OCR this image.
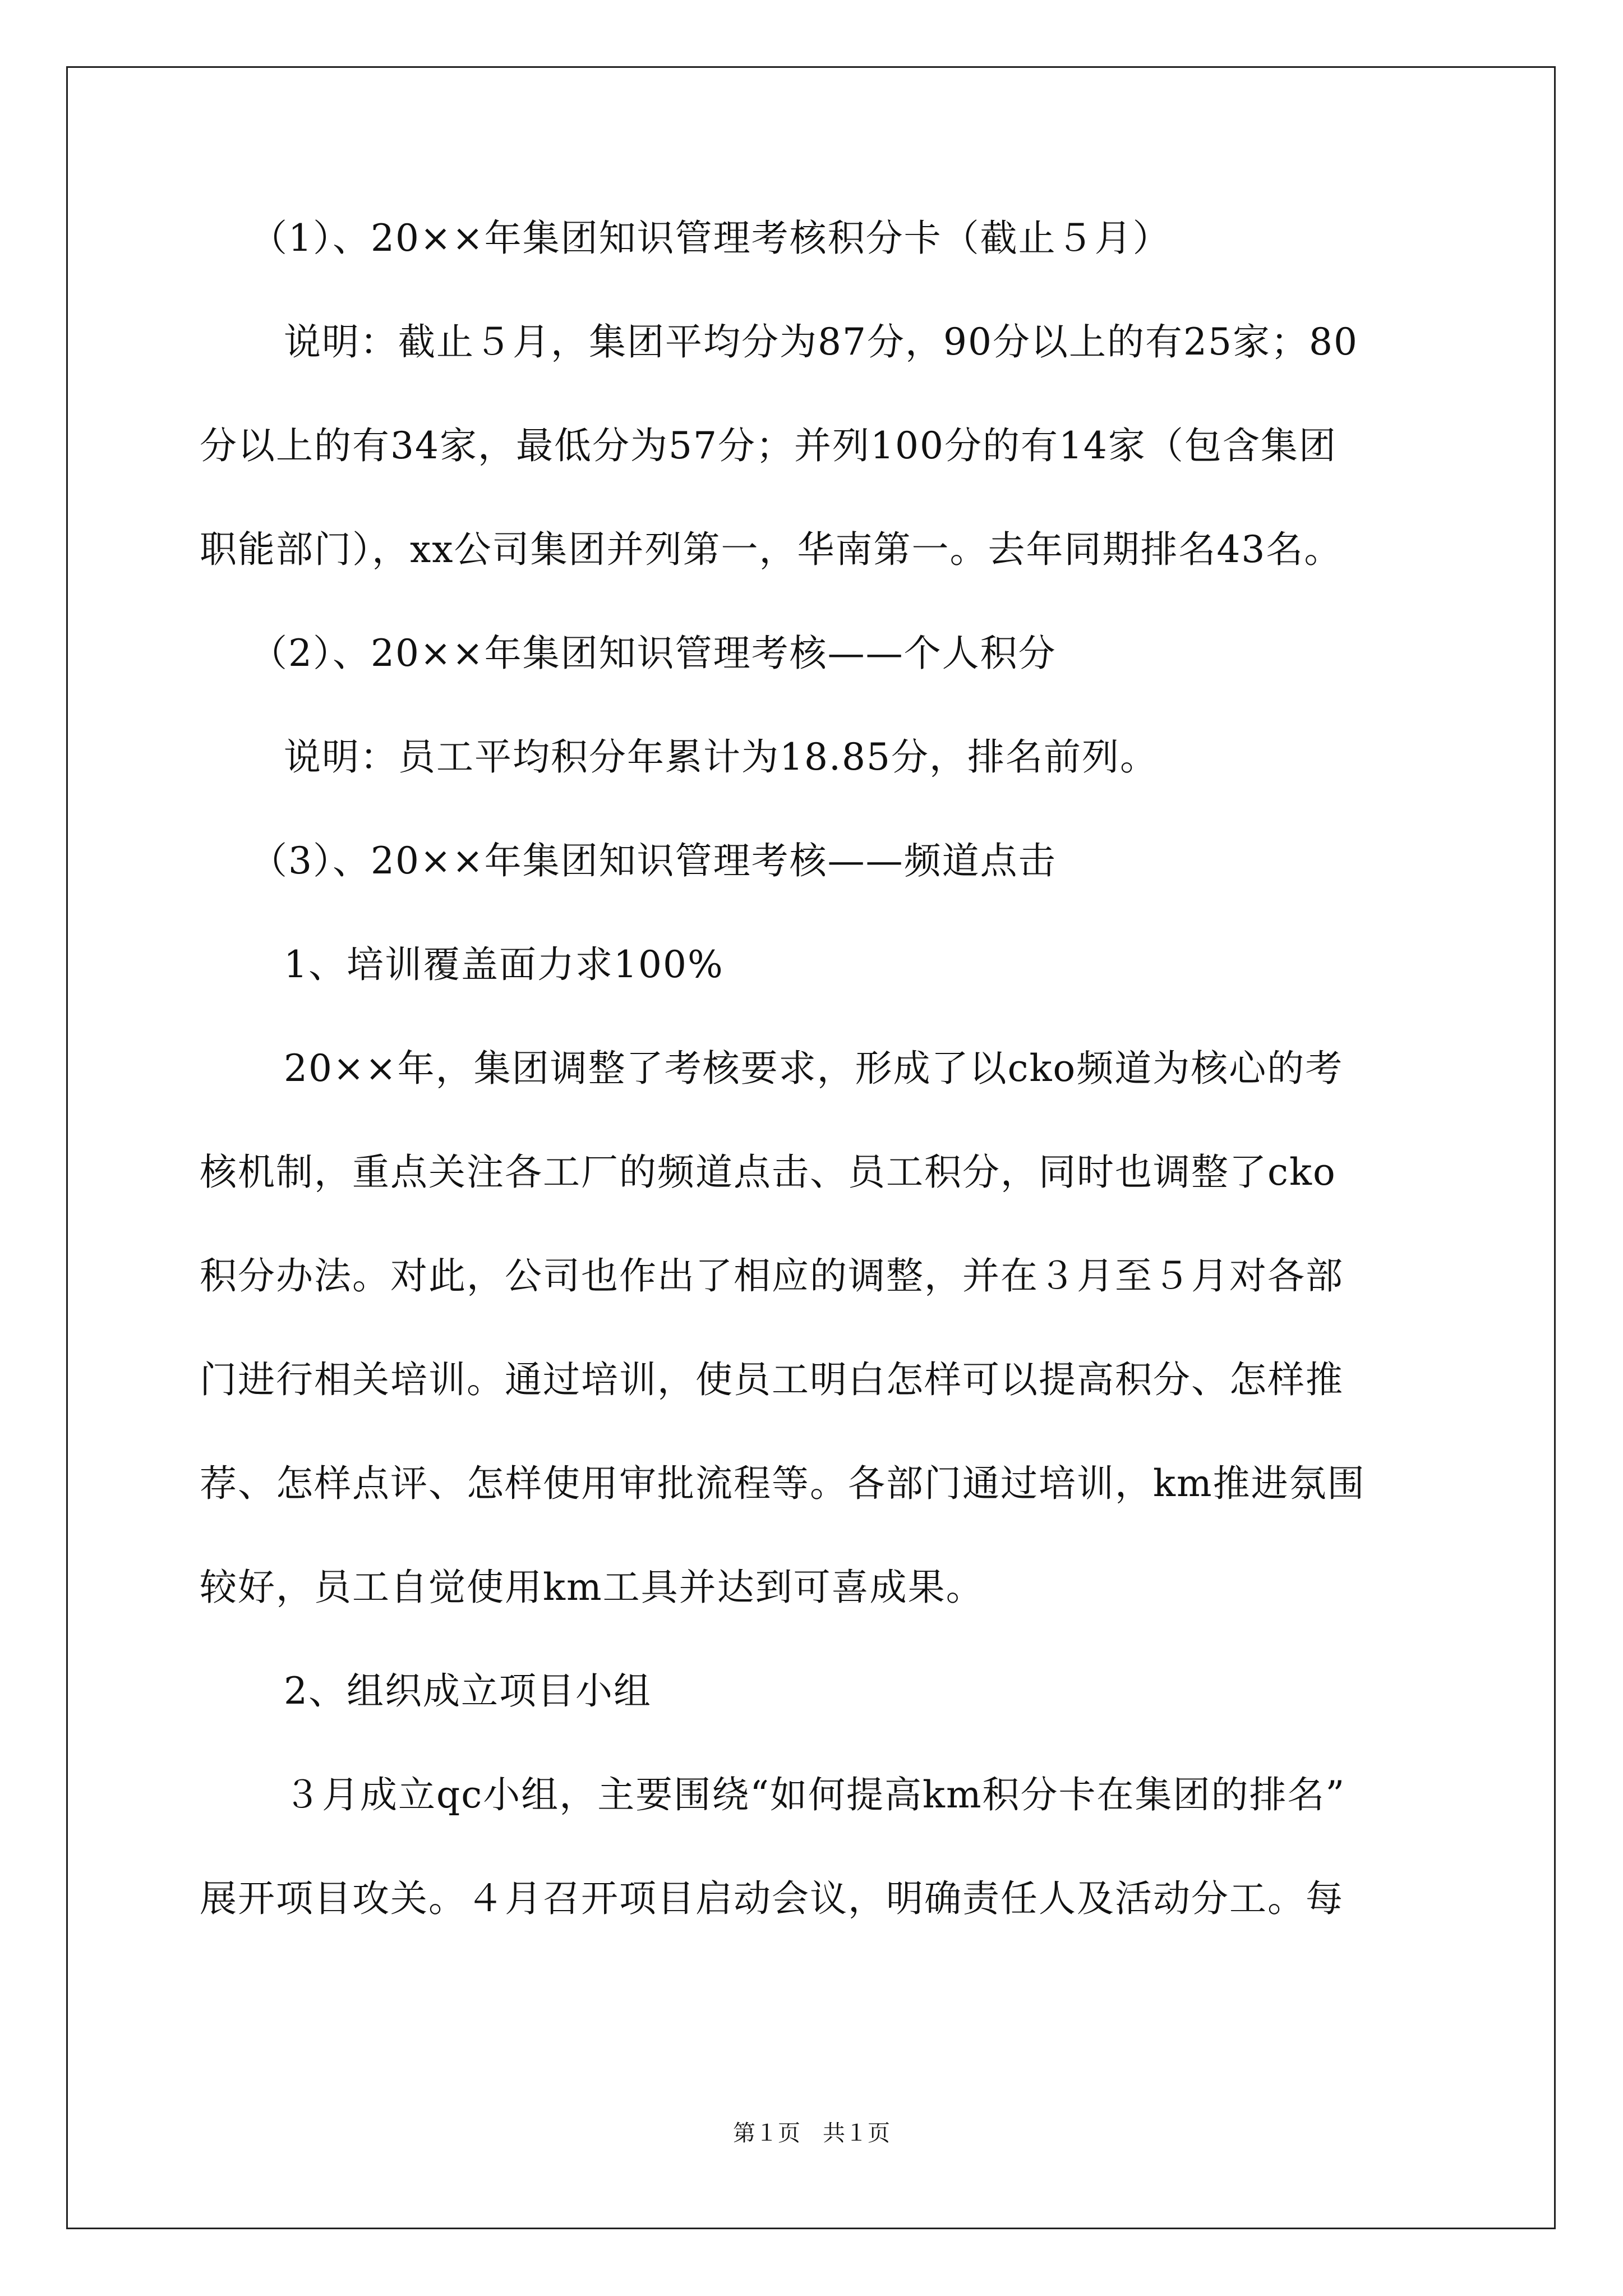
（1）、20××年集团知识管理考核积分卡（截止５月）
说明：截止５月，集团平均分为87分，90分以上的有25家；80
分以上的有34家，最低分为57分；并列100分的有14家（包含集团
职能部门），xx公司集团并列第一，华南第一。去年同期排名43名。
（2）、20××年集团知识管理考核——个人积分
说明：员工平均积分年累计为18.85分，排名前列。
（3）、20××年集团知识管理考核——频道点击
1、培训覆盖面力求100%
20××年，集团调整了考核要求，形成了以cko频道为核心的考
核机制，重点关注各工厂的频道点击、员工积分，同时也调整了cko
积分办法。对此，公司也作出了相应的调整，并在３月至５月对各部
门进行相关培训。通过培训，使员工明白怎样可以提高积分、怎样推
荐、怎样点评、怎样使用审批流程等。各部门通过培训，km推进氛围
较好，员工自觉使用km工具并达到可喜成果。
2、组织成立项目小组
３月成立qc小组，主要围绕“如何提高km积分卡在集团的排名”
展开项目攻关。４月召开项目启动会议，明确责任人及活动分工。每
第１页　共１页
